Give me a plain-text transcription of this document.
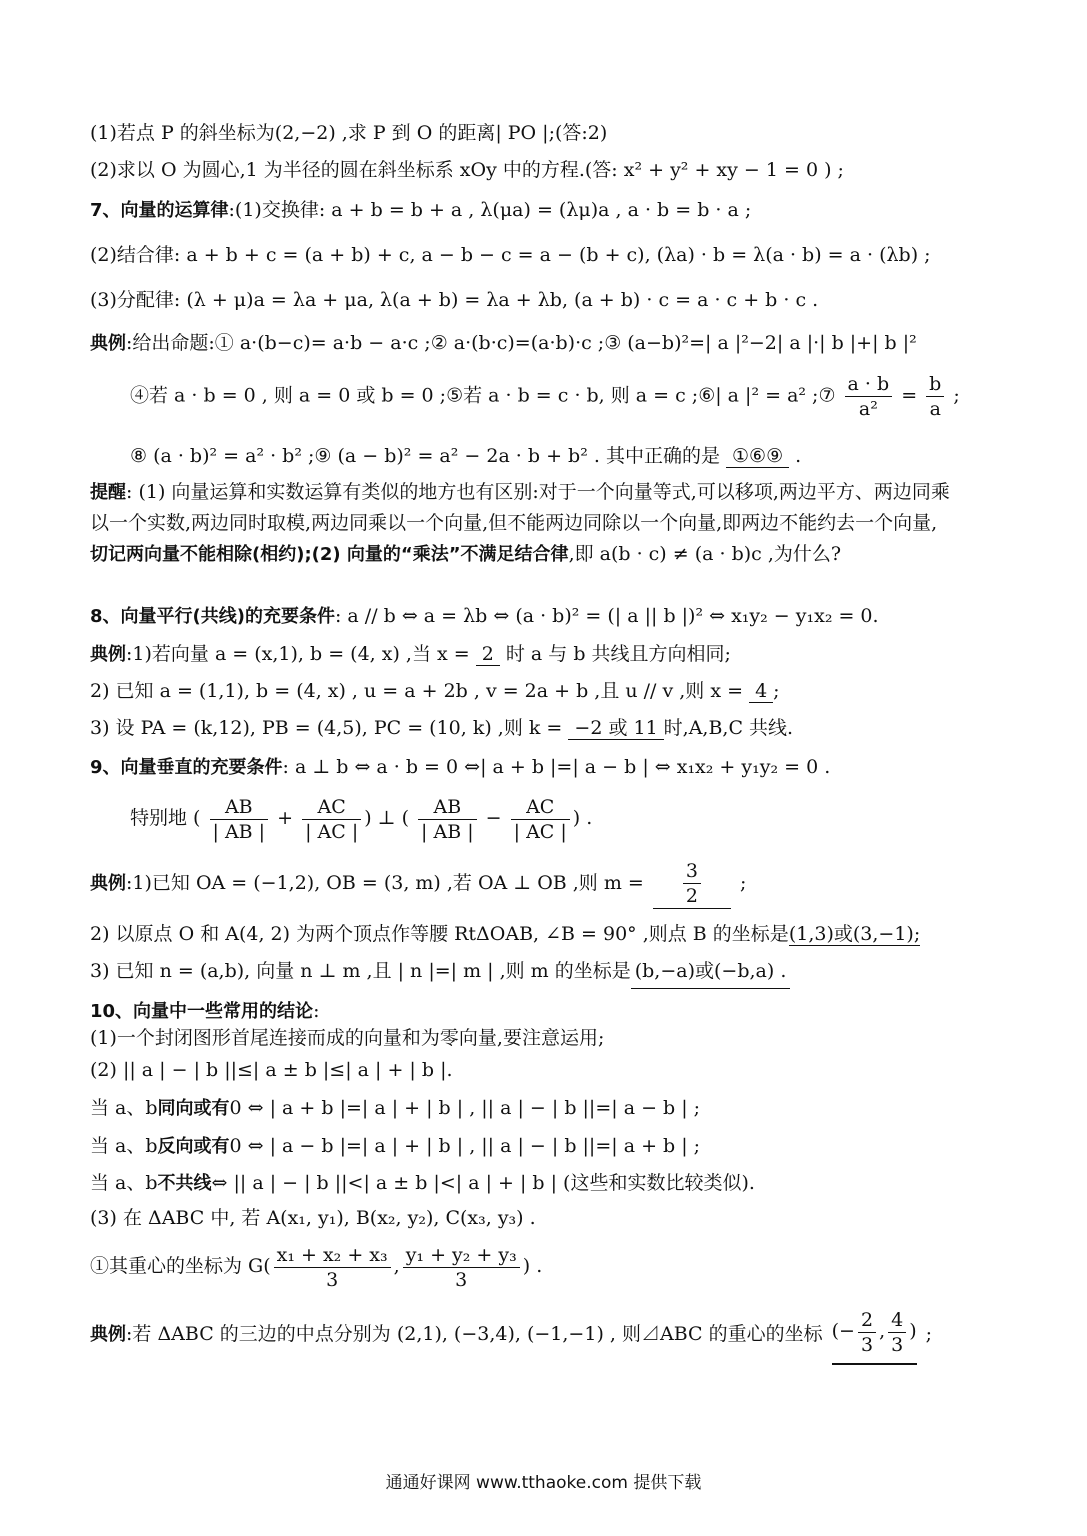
(1)若点 P 的斜坐标为(2,−2) ,求 P 到 O 的距离| PO |;(答:2)
(2)求以 O 为圆心,1 为半径的圆在斜坐标系 xOy 中的方程.(答: x² + y² + xy − 1 = 0 ) ;
7、向量的运算律:(1)交换律: a + b = b + a , λ(μa) = (λμ)a , a · b = b · a ;
(2)结合律: a + b + c = (a + b) + c, a − b − c = a − (b + c), (λa) · b = λ(a · b) = a · (λb) ;
(3)分配律: (λ + μ)a = λa + μa, λ(a + b) = λa + λb, (a + b) · c = a · c + b · c .
典例:给出命题:① a·(b−c)= a·b − a·c ;② a·(b·c)=(a·b)·c ;③ (a−b)²=| a |²−2| a |·| b |+| b |²
④若 a · b = 0 , 则 a = 0 或 b = 0 ;⑤若 a · b = c · b, 则 a = c ;⑥| a |² = a² ;⑦ $\frac{a \cdot b}{\text{a²}} = \frac{b}{a}$ ;
⑧ (a · b)² = a² · b² ;⑨ (a − b)² = a² − 2a · b + b² . 其中正确的是 ①⑥⑨ .
提醒: (1) 向量运算和实数运算有类似的地方也有区别:对于一个向量等式,可以移项,两边平方、两边同乘以一个实数,两边同时取模,两边同乘以一个向量,但不能两边同除以一个向量,即两边不能约去一个向量,切记两向量不能相除(相约);(2) 向量的“乘法”不满足结合律,即 a(b · c) ≠ (a · b)c ,为什么?
8、向量平行(共线)的充要条件: a // b ⇔ a = λb ⇔ (a · b)² = (| a || b |)² ⇔ x₁y₂ − y₁x₂ = 0.
典例:1)若向量 a = (x,1), b = (4, x) ,当 x = 2 时 a 与 b 共线且方向相同;
2) 已知 a = (1,1), b = (4, x) , u = a + 2b , v = 2a + b ,且 u // v ,则 x = 4 ;
3) 设 PA = (k,12), PB = (4,5), PC = (10, k) ,则 k = −2 或 11 时,A,B,C 共线.
9、向量垂直的充要条件: a ⊥ b ⇔ a · b = 0 ⇔| a + b |=| a − b | ⇔ x₁x₂ + y₁y₂ = 0 .
特别地 ( $\frac{AB}{| AB |} + \frac{AC}{| AC |}$ ) ⊥ ( $\frac{AB}{| AB |} - \frac{AC}{| AC |}$ ) .
典例:1)已知 OA = (−1,2), OB = (3, m) ,若 OA ⊥ OB ,则 $m = \frac{3}{2}$ ;
2) 以原点 O 和 A(4, 2) 为两个顶点作等腰 RtΔOAB, ∠B = 90° ,则点 B 的坐标是(1,3)或(3,−1);
3) 已知 n = (a,b), 向量 n ⊥ m ,且 | n |=| m | ,则 m 的坐标是 (b,−a)或(−b,a) .
10、向量中一些常用的结论:
(1)一个封闭图形首尾连接而成的向量和为零向量,要注意运用;
(2) || a | − | b ||≤| a ± b |≤| a | + | b |.
当 a、b同向或有0 ⇔ | a + b |=| a | + | b | , || a | − | b ||=| a − b | ;
当 a、b反向或有0 ⇔ | a − b |=| a | + | b | , || a | − | b ||=| a + b | ;
当 a、b不共线⇔ || a | − | b ||<| a ± b |<| a | + | b | (这些和实数比较类似).
(3) 在 ΔABC 中, 若 A(x₁, y₁), B(x₂, y₂), C(x₃, y₃) .
①其重心的坐标为 $G( \frac{\text{x₁ + x₂ + x₃}}{3}$ , $\frac{\text{y₁ + y₂ + y₃}}{3}$ ) .
典例:若 ΔABC 的三边的中点分别为 (2,1), (−3,4), (−1,−1) , 则⊿ABC 的重心的坐标 (− $\frac{2}{3}$ , $\frac{4}{3}$ ) ;
通通好课网 www.tthaoke.com 提供下载
